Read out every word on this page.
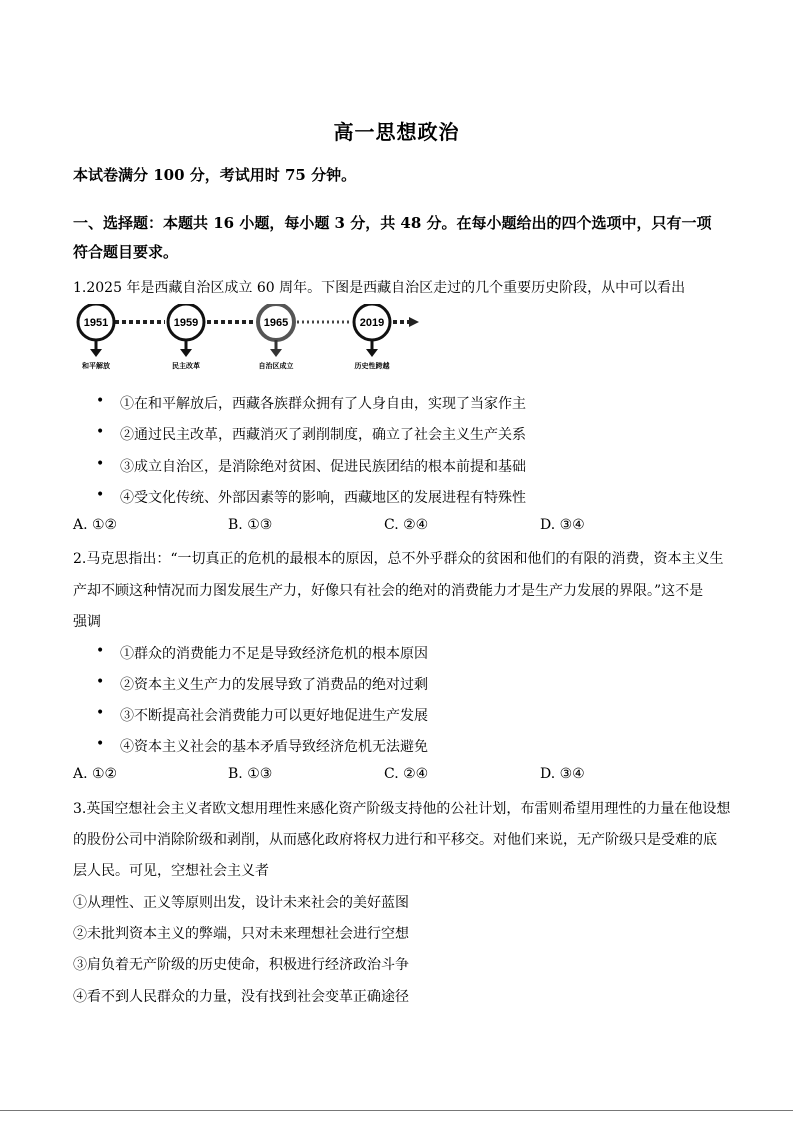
高一思想政治
本试卷满分 100 分，考试用时 75 分钟。
一、选择题：本题共 16 小题，每小题 3 分，共 48 分。在每小题给出的四个选项中，只有一项
符合题目要求。
1.2025 年是西藏自治区成立 60 周年。下图是西藏自治区走过的几个重要历史阶段，从中可以看出
1951
和平解放
1959
民主改革
1965
自治区成立
2019
历史性跨越
• ①在和平解放后，西藏各族群众拥有了人身自由，实现了当家作主
• ②通过民主改革，西藏消灭了剥削制度，确立了社会主义生产关系
• ③成立自治区，是消除绝对贫困、促进民族团结的根本前提和基础
• ④受文化传统、外部因素等的影响，西藏地区的发展进程有特殊性
A. ①②	B. ①③	C. ②④	D. ③④
2.马克思指出：“一切真正的危机的最根本的原因，总不外乎群众的贫困和他们的有限的消费，资本主义生
产却不顾这种情况而力图发展生产力，好像只有社会的绝对的消费能力才是生产力发展的界限。”这不是
强调
• ①群众的消费能力不足是导致经济危机的根本原因
• ②资本主义生产力的发展导致了消费品的绝对过剩
• ③不断提高社会消费能力可以更好地促进生产发展
• ④资本主义社会的基本矛盾导致经济危机无法避免
A. ①②	B. ①③	C. ②④	D. ③④
3.英国空想社会主义者欧文想用理性来感化资产阶级支持他的公社计划，布雷则希望用理性的力量在他设想
的股份公司中消除阶级和剥削，从而感化政府将权力进行和平移交。对他们来说，无产阶级只是受难的底
层人民。可见，空想社会主义者
①从理性、正义等原则出发，设计未来社会的美好蓝图
②未批判资本主义的弊端，只对未来理想社会进行空想
③肩负着无产阶级的历史使命，积极进行经济政治斗争
④看不到人民群众的力量，没有找到社会变革正确途径
